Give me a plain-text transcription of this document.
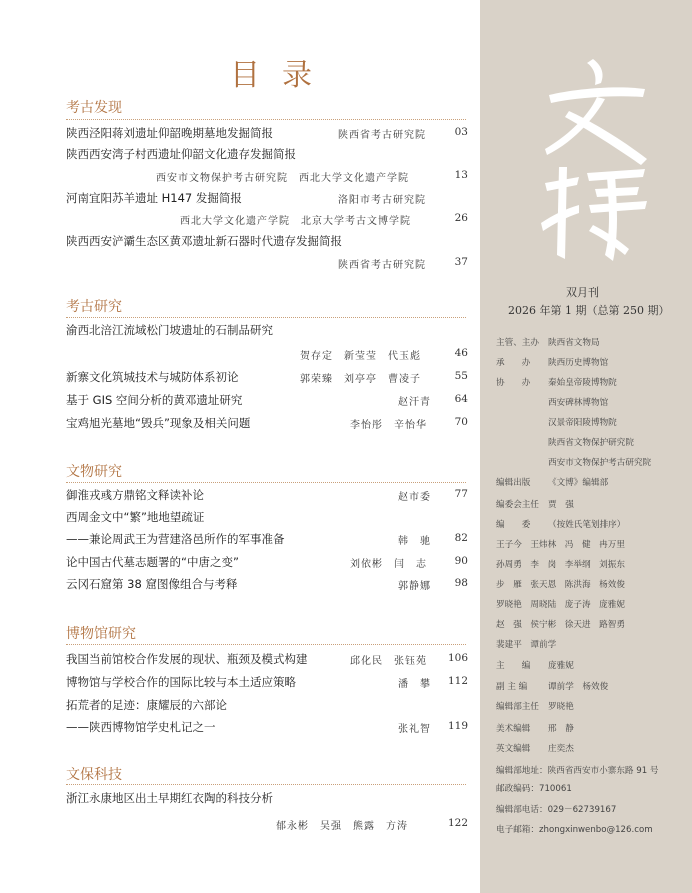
目录
考古发现
陕西泾阳蒋刘遗址仰韶晚期墓地发掘简报	陕西省考古研究院	03
陕西西安湾子村西遗址仰韶文化遗存发掘简报
西安市文物保护考古研究院　西北大学文化遗产学院	13
河南宜阳苏羊遗址 H147 发掘简报	洛阳市考古研究院
西北大学文化遗产学院　北京大学考古文博学院	26
陕西西安浐灞生态区黄邓遗址新石器时代遗存发掘简报
陕西省考古研究院	37
考古研究
渝西北涪江流域松门坡遗址的石制品研究
贺存定　新莹莹　代玉彪	46
新寨文化筑城技术与城防体系初论	郭荣臻　刘亭亭　曹凌子	55
基于 GIS 空间分析的黄邓遗址研究	赵汗青	64
宝鸡旭光墓地“毁兵”现象及相关问题	李怡彤　辛怡华	70
文物研究
御淮戎彧方鼎铭文释读补论	赵市委	77
西周金文中“繁”地地望疏证
——兼论周武王为营建洛邑所作的军事准备	韩　驰	82
论中国古代墓志题署的“中唐之变”	刘依彬　闫　志	90
云冈石窟第 38 窟图像组合与考释	郭静娜	98
博物馆研究
我国当前馆校合作发展的现状、瓶颈及模式构建	邱化民　张钰苑 106
博物馆与学校合作的国际比较与本土适应策略	潘　攀 112
拓荒者的足迹：康耀辰的六部论
——陕西博物馆学史札记之一	张礼智 119
文保科技
浙江永康地区出土早期红衣陶的科技分析
郁永彬　吴强　熊露　方涛	122
双月刊
2026 年第 1 期（总第 250 期）
主管、主办 陕西省文物局
承　　办 陕西历史博物馆
协　　办 秦始皇帝陵博物院
西安碑林博物馆
汉景帝阳陵博物院
陕西省文物保护研究院
西安市文物保护考古研究院
编辑出版 《文博》编辑部
编委会主任 贾　强
编　　委 （按姓氏笔划排序）
王子今　王炜林　冯　健　冉万里
孙周勇　李　岗　李举纲　刘振东
步　雁　张天恩　陈洪海　杨效俊
罗晓艳　周晓陆　庞子涛　庞雅妮
赵　强　侯宁彬　徐天进　路智勇
裴建平　谭前学
主　　编 庞雅妮
副 主 编 谭前学　杨效俊
编辑部主任 罗晓艳
美术编辑 邢　静
英文编辑 庄奕杰
编辑部地址：陕西省西安市小寨东路 91 号
邮政编码：710061
编辑部电话：029－62739167
电子邮箱：zhongxinwenbo@126.com
